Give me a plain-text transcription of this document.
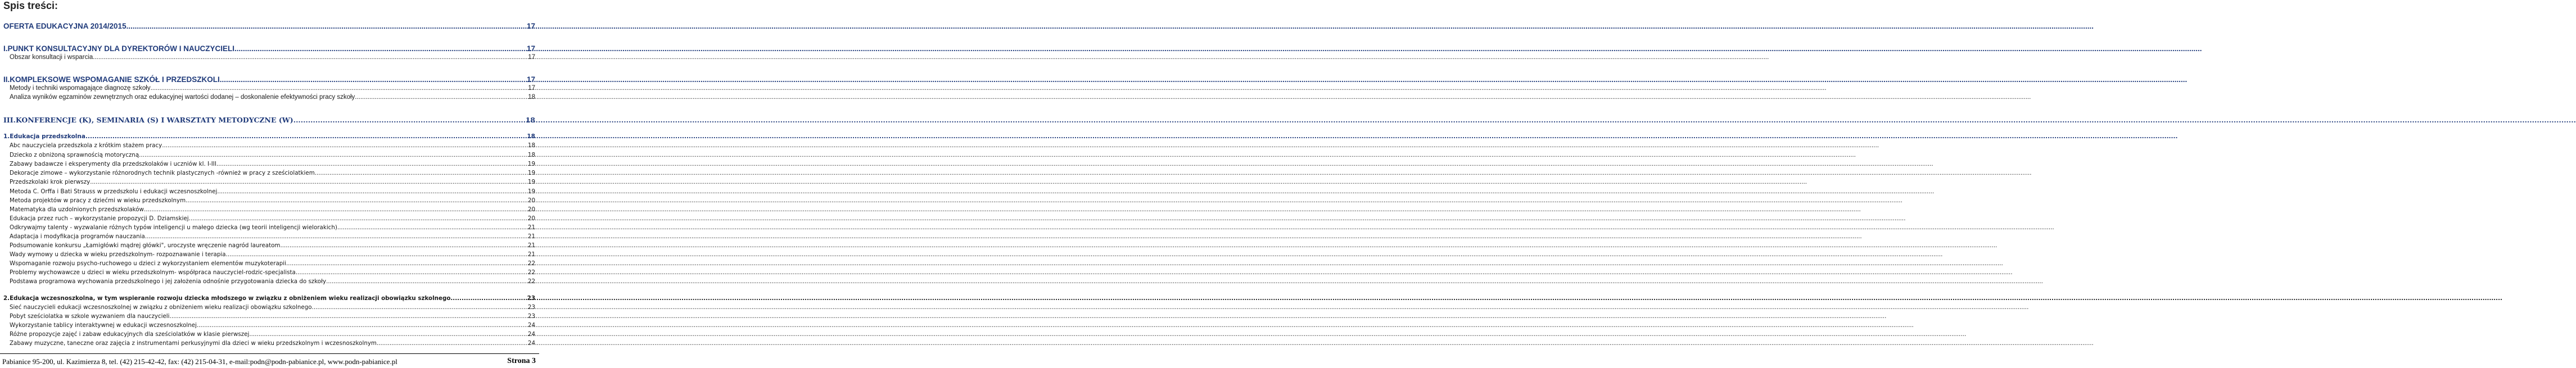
Spis treści:
OFERTA EDUKACYJNA 2014/2015 .....	17
I. PUNKT KONSULTACYJNY DLA DYREKTORÓW I NAUCZYCIELI .....	17
Obszar konsultacji i wsparcia .....	17
II. KOMPLEKSOWE WSPOMAGANIE SZKÓŁ I PRZEDSZKOLI .....	17
Metody i techniki wspomagające diagnozę szkoły .....	17
Analiza wyników egzaminów zewnętrznych oraz edukacyjnej wartości dodanej – doskonalenie efektywności pracy szkoły .....	18
III. KONFERENCJE (K), SEMINARIA (S) I WARSZTATY METODYCZNE (W) .....	18
1. Edukacja przedszkolna .....	18
Abc nauczyciela przedszkola z krótkim stażem pracy .....	18
Dziecko z obniżoną sprawnością motoryczną .....	18
Zabawy badawcze i eksperymenty dla przedszkolaków i uczniów kl. I-III .....	19
Dekoracje zimowe – wykorzystanie różnorodnych technik plastycznych -również w pracy z sześciolatkiem .....	19
Przedszkolaki krok pierwszy .....	19
Metoda C. Orffa i Bati Strauss w przedszkolu i edukacji wczesnoszkolnej .....	19
Metoda projektów w pracy z dziećmi w wieku przedszkolnym .....	20
Matematyka dla uzdolnionych przedszkolaków .....	20
Edukacja przez ruch – wykorzystanie propozycji D. Dziamskiej .....	20
Odkrywajmy talenty - wyzwalanie różnych typów inteligencji u małego dziecka (wg teorii inteligencji wielorakich) .....	21
Adaptacja i modyfikacja programów nauczania .....	21
Podsumowanie konkursu „Łamigłówki mądrej główki", uroczyste wręczenie nagród laureatom .....	21
Wady wymowy u dziecka w wieku przedszkolnym- rozpoznawanie i terapia .....	21
Wspomaganie rozwoju psycho-ruchowego u dzieci z wykorzystaniem elementów muzykoterapii .....	22
Problemy wychowawcze u dzieci w wieku przedszkolnym- współpraca nauczyciel-rodzic-specjalista .....	22
Podstawa programowa wychowania przedszkolnego i jej założenia odnośnie przygotowania dziecka do szkoły .....	22
2. Edukacja wczesnoszkolna, w tym wspieranie rozwoju dziecka młodszego w związku z obniżeniem wieku realizacji obowiązku szkolnego .....	23
Sieć nauczycieli edukacji wczesnoszkolnej w związku z obniżeniem wieku realizacji obowiązku szkolnego .....	23
Pobyt sześciolatka w szkole wyzwaniem dla nauczycieli .....	23
Wykorzystanie tablicy interaktywnej w edukacji wczesnoszkolnej .....	24
Różne propozycje zajęć i zabaw edukacyjnych dla sześciolatków w klasie pierwszej .....	24
Zabawy muzyczne, taneczne oraz zajęcia z instrumentami perkusyjnymi dla dzieci w wieku przedszkolnym i wczesnoszkolnym .....	24
Pabianice 95-200, ul. Kazimierza 8, tel. (42) 215-42-42, fax: (42) 215-04-31, e-mail:podn@podn-pabianice.pl, www.podn-pabianice.pl	Strona 3
